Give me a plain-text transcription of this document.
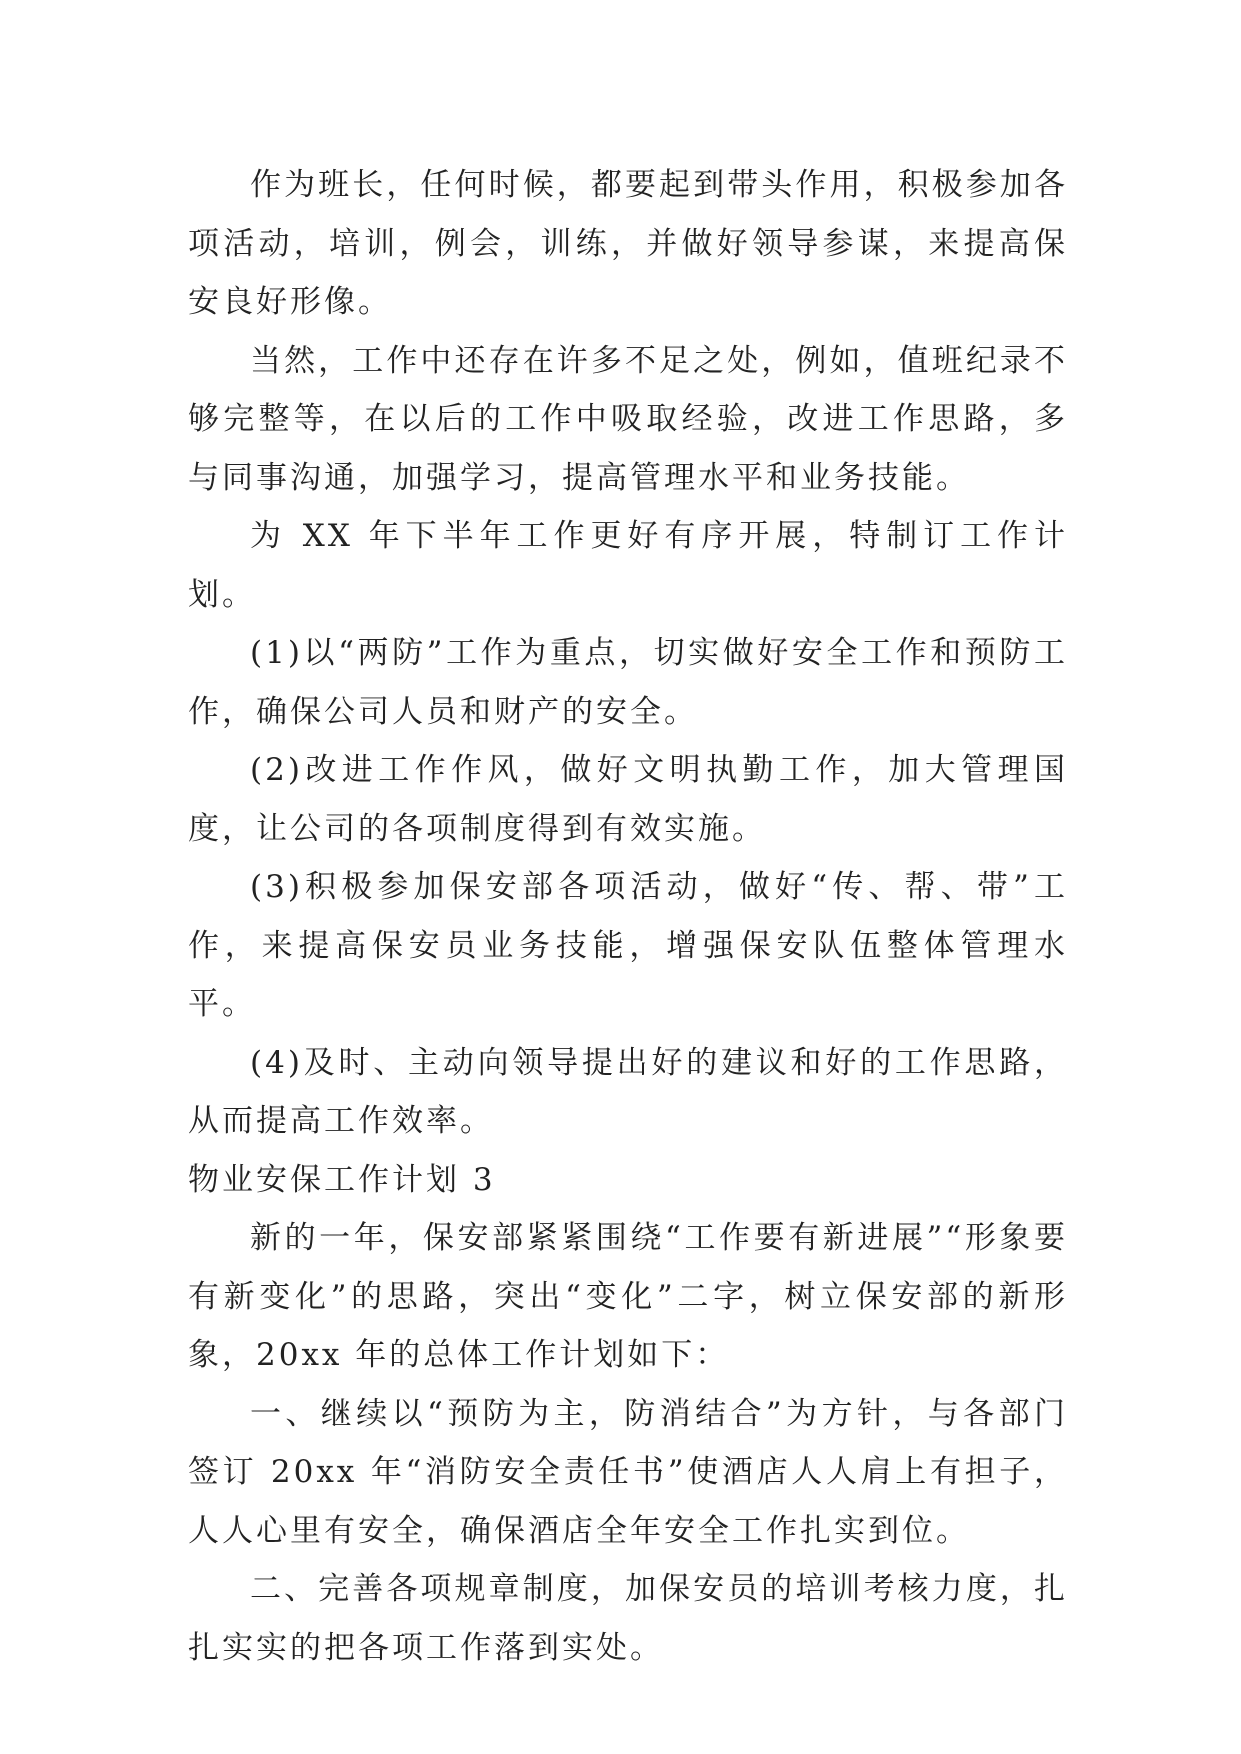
作为班长，任何时候，都要起到带头作用，积极参加各项活动，培训，例会，训练，并做好领导参谋，来提高保安良好形像。

当然，工作中还存在许多不足之处，例如，值班纪录不够完整等，在以后的工作中吸取经验，改进工作思路，多与同事沟通，加强学习，提高管理水平和业务技能。

为 XX 年下半年工作更好有序开展，特制订工作计划。

(1)以“两防”工作为重点，切实做好安全工作和预防工作，确保公司人员和财产的安全。

(2)改进工作作风，做好文明执勤工作，加大管理国度，让公司的各项制度得到有效实施。

(3)积极参加保安部各项活动，做好“传、帮、带”工作，来提高保安员业务技能，增强保安队伍整体管理水平。

(4)及时、主动向领导提出好的建议和好的工作思路，从而提高工作效率。

物业安保工作计划 3

新的一年，保安部紧紧围绕“工作要有新进展”“形象要有新变化”的思路，突出“变化”二字，树立保安部的新形象，20xx 年的总体工作计划如下：

一、继续以“预防为主，防消结合”为方针，与各部门签订 20xx 年“消防安全责任书”使酒店人人肩上有担子，人人心里有安全，确保酒店全年安全工作扎实到位。

二、完善各项规章制度，加保安员的培训考核力度，扎扎实实的把各项工作落到实处。
